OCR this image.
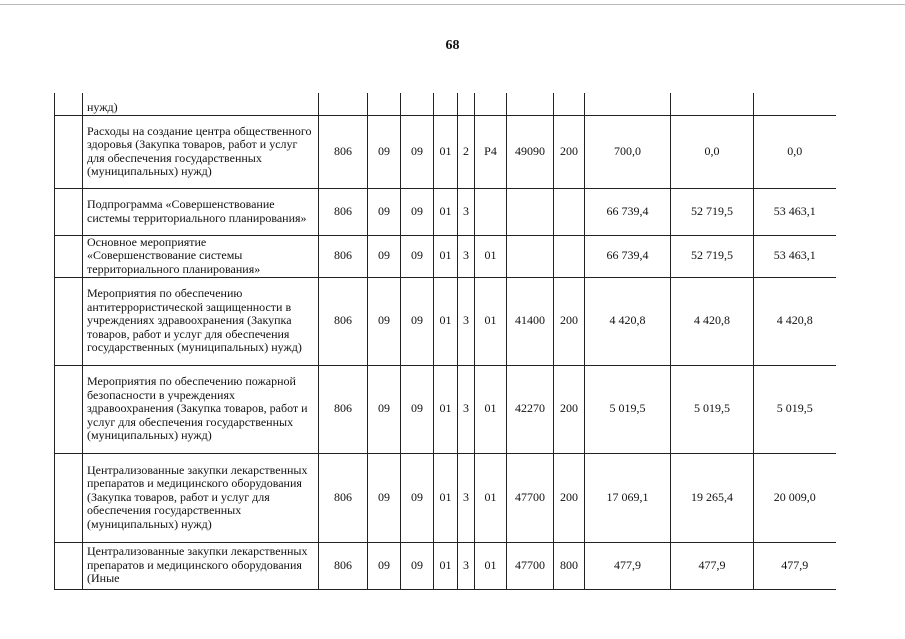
68
	нужд)											
	Расходы на создание центра общественного здоровья (Закупка товаров, работ и услуг для обеспечения государственных (муниципальных) нужд)	806	09	09	01	2	P4	49090	200	700,0	0,0	0,0
	Подпрограмма «Совершенствование системы территориального планирования»	806	09	09	01	3				66 739,4	52 719,5	53 463,1
	Основное мероприятие «Совершенствование системы территориального планирования»	806	09	09	01	3	01			66 739,4	52 719,5	53 463,1
	Мероприятия по обеспечению антитеррористической защищенности в учреждениях здравоохранения (Закупка товаров, работ и услуг для обеспечения государственных (муниципальных) нужд)	806	09	09	01	3	01	41400	200	4 420,8	4 420,8	4 420,8
	Мероприятия по обеспечению пожарной безопасности в учреждениях здравоохранения (Закупка товаров, работ и услуг для обеспечения государственных (муниципальных) нужд)	806	09	09	01	3	01	42270	200	5 019,5	5 019,5	5 019,5
	Централизованные закупки лекарственных препаратов и медицинского оборудования (Закупка товаров, работ и услуг для обеспечения государственных (муниципальных) нужд)	806	09	09	01	3	01	47700	200	17 069,1	19 265,4	20 009,0
	Централизованные закупки лекарственных препаратов и медицинского оборудования (Иные	806	09	09	01	3	01	47700	800	477,9	477,9	477,9
